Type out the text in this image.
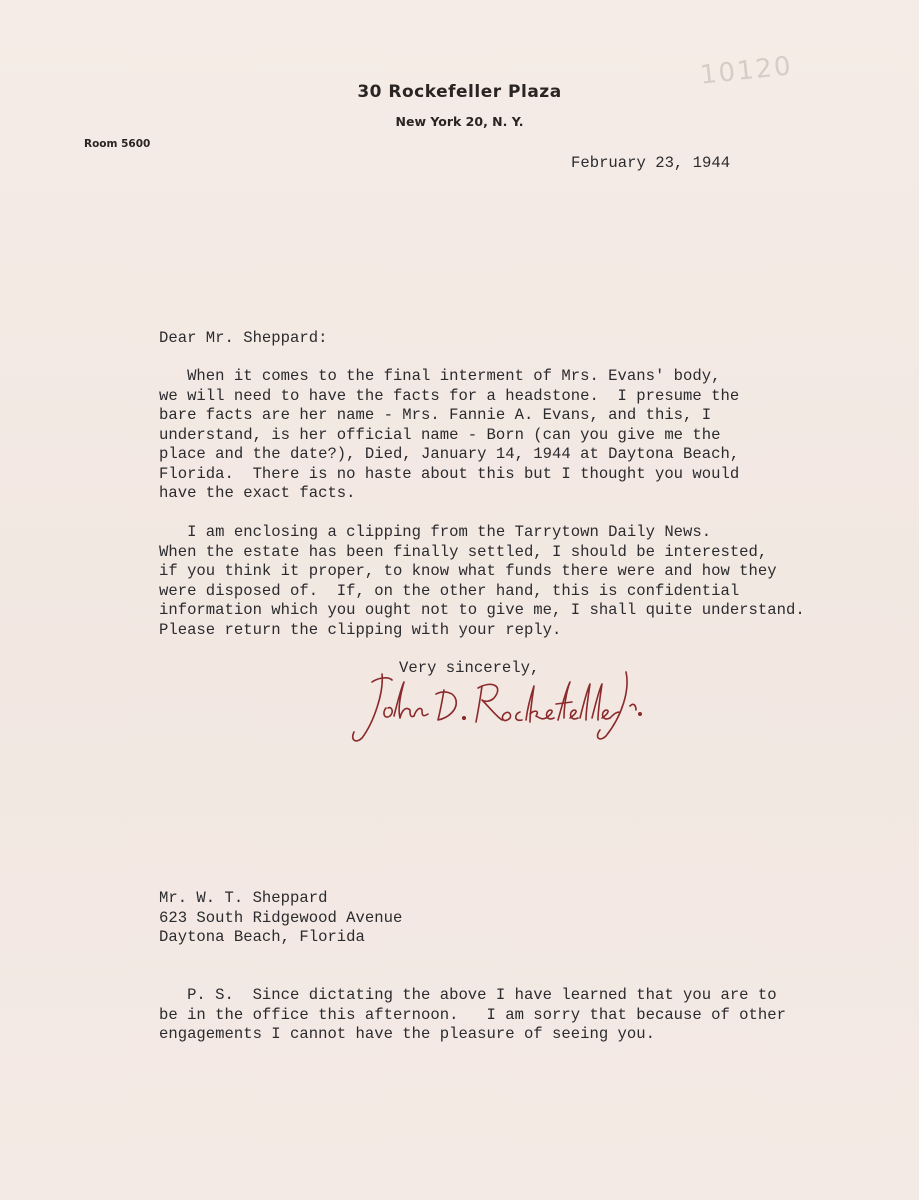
10120
30 Rockefeller Plaza
New York 20, N. Y.
Room 5600
February 23, 1944
Dear Mr. Sheppard:
When it comes to the final interment of Mrs. Evans' body,
we will need to have the facts for a headstone.  I presume the
bare facts are her name - Mrs. Fannie A. Evans, and this, I
understand, is her official name - Born (can you give me the
place and the date?), Died, January 14, 1944 at Daytona Beach,
Florida.  There is no haste about this but I thought you would
have the exact facts.
I am enclosing a clipping from the Tarrytown Daily News.
When the estate has been finally settled, I should be interested,
if you think it proper, to know what funds there were and how they
were disposed of.  If, on the other hand, this is confidential
information which you ought not to give me, I shall quite understand.
Please return the clipping with your reply.
Very sincerely,
Mr. W. T. Sheppard
623 South Ridgewood Avenue
Daytona Beach, Florida
P. S.  Since dictating the above I have learned that you are to
be in the office this afternoon.   I am sorry that because of other
engagements I cannot have the pleasure of seeing you.
